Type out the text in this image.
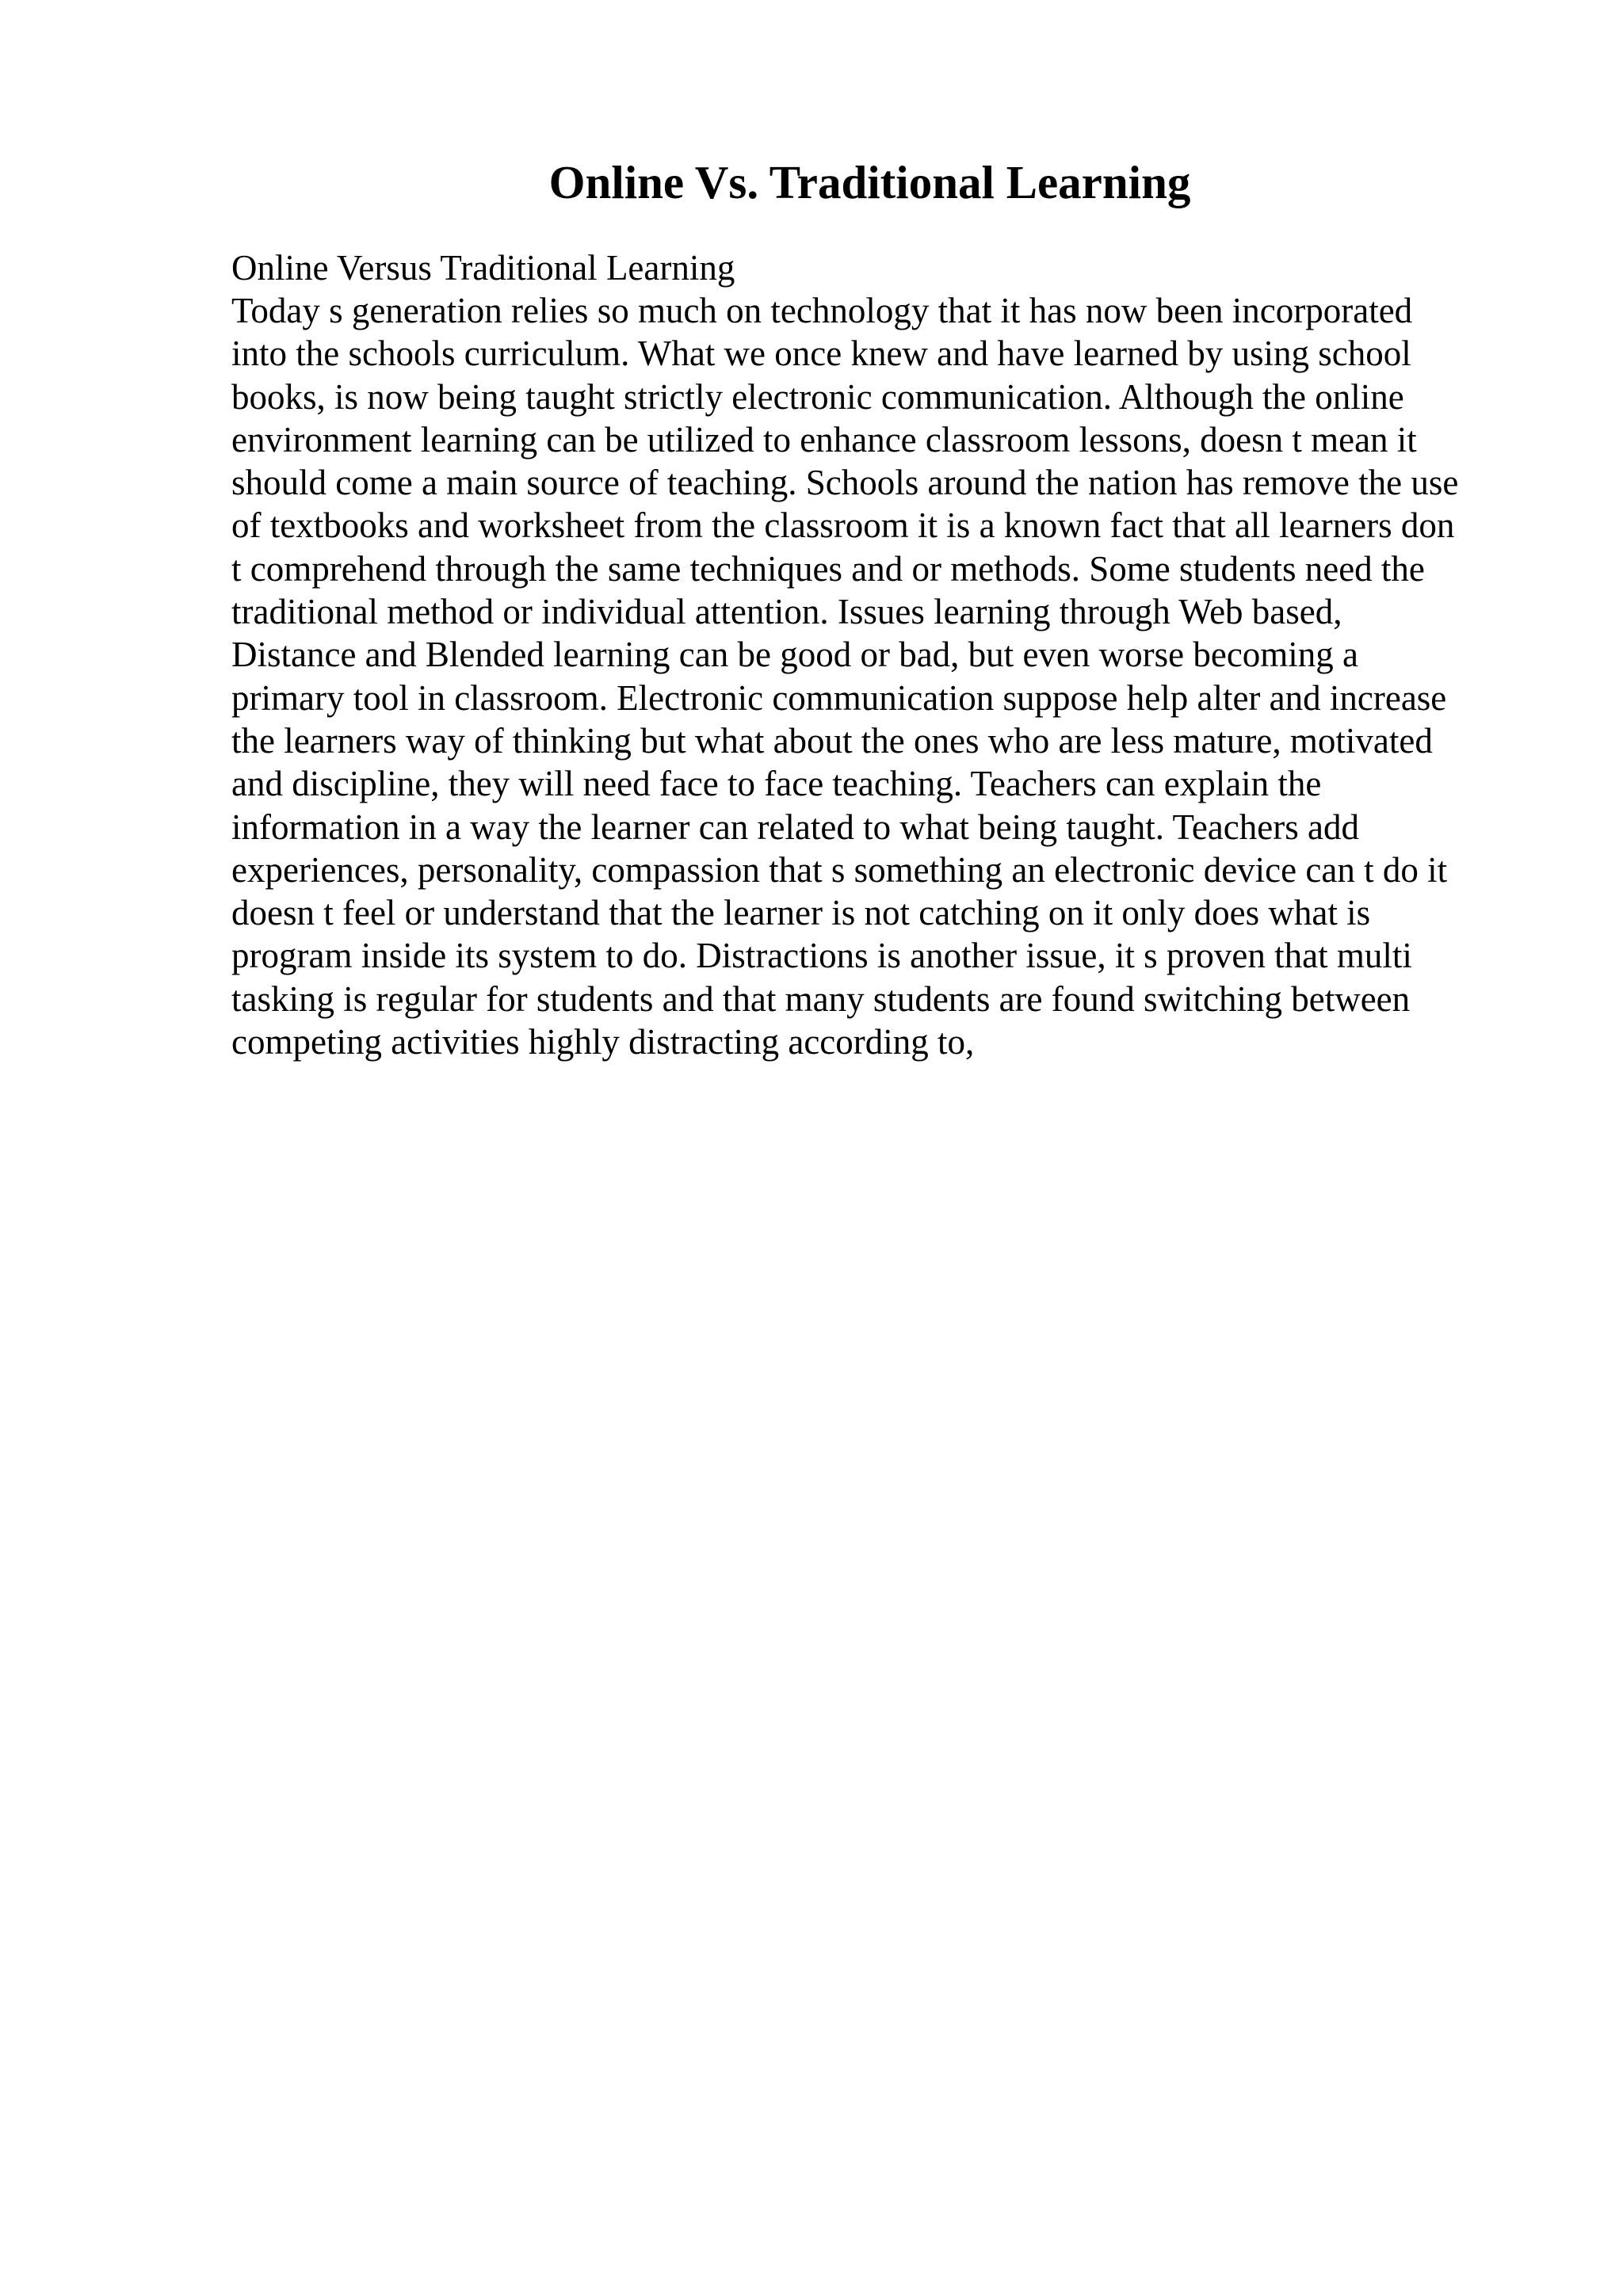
Online Vs. Traditional Learning
Online Versus Traditional Learning
Today s generation relies so much on technology that it has now been incorporated
into the schools curriculum. What we once knew and have learned by using school
books, is now being taught strictly electronic communication. Although the online
environment learning can be utilized to enhance classroom lessons, doesn t mean it
should come a main source of teaching. Schools around the nation has remove the use
of textbooks and worksheet from the classroom it is a known fact that all learners don
t comprehend through the same techniques and or methods. Some students need the
traditional method or individual attention. Issues learning through Web based,
Distance and Blended learning can be good or bad, but even worse becoming a
primary tool in classroom. Electronic communication suppose help alter and increase
the learners way of thinking but what about the ones who are less mature, motivated
and discipline, they will need face to face teaching. Teachers can explain the
information in a way the learner can related to what being taught. Teachers add
experiences, personality, compassion that s something an electronic device can t do it
doesn t feel or understand that the learner is not catching on it only does what is
program inside its system to do. Distractions is another issue, it s proven that multi
tasking is regular for students and that many students are found switching between
competing activities highly distracting according to,
